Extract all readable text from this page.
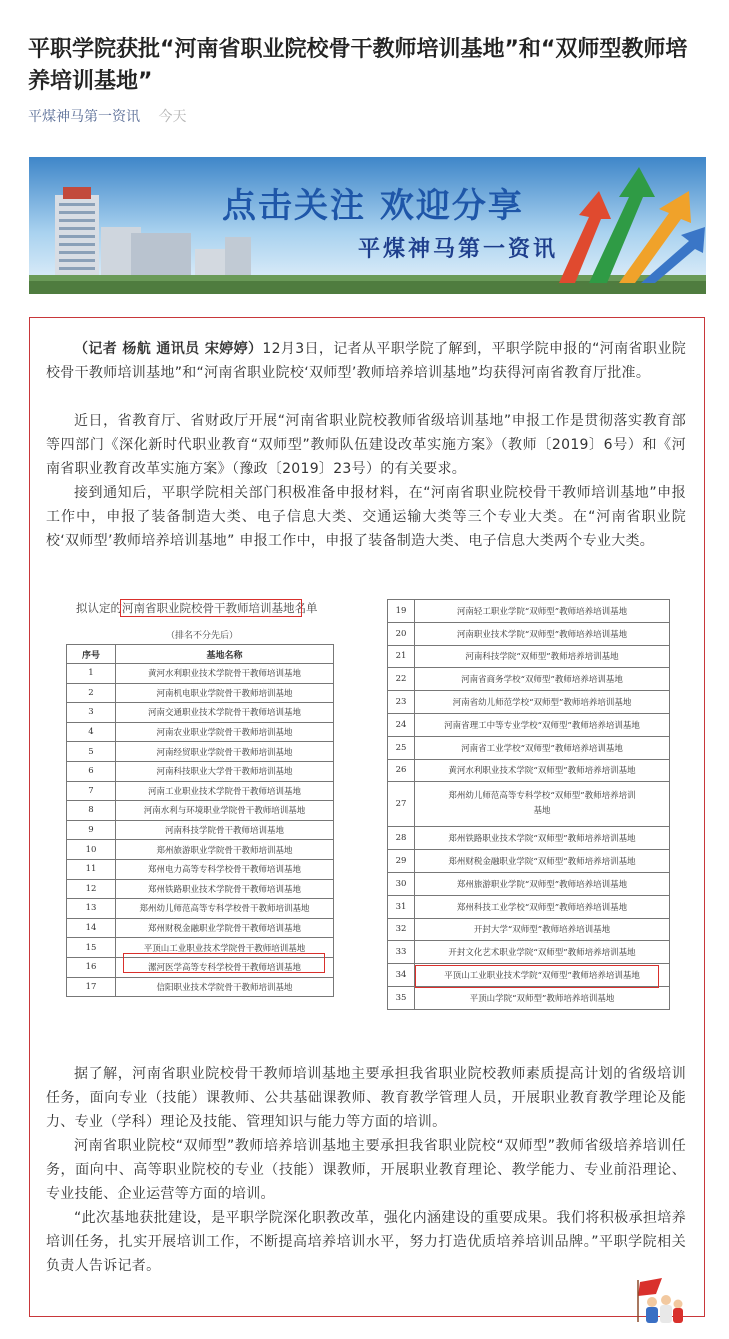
平职学院获批“河南省职业院校骨干教师培训基地”和“双师型教师培养培训基地”
平煤神马第一资讯 今天
点击关注 欢迎分享
平煤神马第一资讯

（记者 杨航 通讯员 宋婷婷）12月3日，记者从平职学院了解到，平职学院申报的“河南省职业院校骨干教师培训基地”和“河南省职业院校‘双师型’教师培养培训基地”均获得河南省教育厅批准。

近日，省教育厅、省财政厅开展“河南省职业院校教师省级培训基地”申报工作是贯彻落实教育部等四部门《深化新时代职业教育“双师型”教师队伍建设改革实施方案》（教师〔2019〕6号）和《河南省职业教育改革实施方案》（豫政〔2019〕23号）的有关要求。

接到通知后，平职学院相关部门积极准备申报材料，在“河南省职业院校骨干教师培训基地”申报工作中，申报了装备制造大类、电子信息大类、交通运输大类等三个专业大类。在“河南省职业院校‘双师型’教师培养培训基地” 申报工作中，申报了装备制造大类、电子信息大类两个专业大类。

拟认定的河南省职业院校骨干教师培训基地名单
（排名不分先后）
序号	基地名称
1	黄河水利职业技术学院骨干教师培训基地
2	河南机电职业学院骨干教师培训基地
3	河南交通职业技术学院骨干教师培训基地
4	河南农业职业学院骨干教师培训基地
5	河南经贸职业学院骨干教师培训基地
6	河南科技职业大学骨干教师培训基地
7	河南工业职业技术学院骨干教师培训基地
8	河南水利与环境职业学院骨干教师培训基地
9	河南科技学院骨干教师培训基地
10	郑州旅游职业学院骨干教师培训基地
11	郑州电力高等专科学校骨干教师培训基地
12	郑州铁路职业技术学院骨干教师培训基地
13	郑州幼儿师范高等专科学校骨干教师培训基地
14	郑州财税金融职业学院骨干教师培训基地
15	平顶山工业职业技术学院骨干教师培训基地
16	漯河医学高等专科学校骨干教师培训基地
17	信阳职业技术学院骨干教师培训基地
19	河南轻工职业学院“双师型”教师培养培训基地
20	河南职业技术学院“双师型”教师培养培训基地
21	河南科技学院“双师型”教师培养培训基地
22	河南省商务学校“双师型”教师培养培训基地
23	河南省幼儿师范学校“双师型”教师培养培训基地
24	河南省理工中等专业学校“双师型”教师培养培训基地
25	河南省工业学校“双师型”教师培养培训基地
26	黄河水利职业技术学院“双师型”教师培养培训基地
27	郑州幼儿师范高等专科学校“双师型”教师培养培训基地
28	郑州铁路职业技术学院“双师型”教师培养培训基地
29	郑州财税金融职业学院“双师型”教师培养培训基地
30	郑州旅游职业学院“双师型”教师培养培训基地
31	郑州科技工业学校“双师型”教师培养培训基地
32	开封大学“双师型”教师培养培训基地
33	开封文化艺术职业学院“双师型”教师培养培训基地
34	平顶山工业职业技术学院“双师型”教师培养培训基地
35	平顶山学院“双师型”教师培养培训基地

据了解，河南省职业院校骨干教师培训基地主要承担我省职业院校教师素质提高计划的省级培训任务，面向专业（技能）课教师、公共基础课教师、教育教学管理人员，开展职业教育教学理论及能力、专业（学科）理论及技能、管理知识与能力等方面的培训。

河南省职业院校“双师型”教师培养培训基地主要承担我省职业院校“双师型”教师省级培养培训任务，面向中、高等职业院校的专业（技能）课教师，开展职业教育理论、教学能力、专业前沿理论、专业技能、企业运营等方面的培训。

“此次基地获批建设，是平职学院深化职教改革，强化内涵建设的重要成果。我们将积极承担培养培训任务，扎实开展培训工作，不断提高培养培训水平，努力打造优质培养培训品牌。”平职学院相关负责人告诉记者。
